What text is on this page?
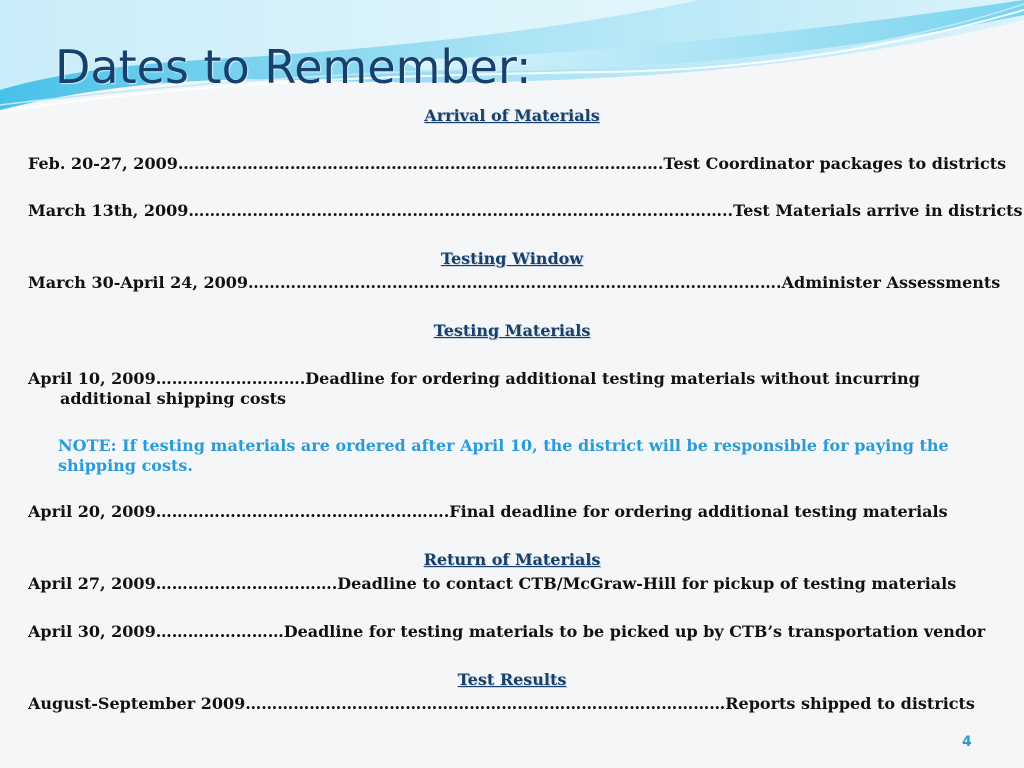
Dates to Remember:
Arrival of Materials
Feb. 20-27, 2009……………………………………………………………………………….Test Coordinator packages to districts
March 13th, 2009…………………………………………………………………………….…………..Test Materials arrive in districts
Testing Window
March 30-April 24, 2009……………………………………………………………………………………….Administer Assessments
Testing Materials
April 10, 2009……………………….Deadline for ordering additional testing materials without incurring
additional shipping costs
NOTE: If testing materials are ordered after April 10, the district will be responsible for paying the shipping costs.
April 20, 2009……………………………………………….Final deadline for ordering additional testing materials
Return of Materials
April 27, 2009…………………………….Deadline to contact CTB/McGraw-Hill for pickup of testing materials
April 30, 2009……………………Deadline for testing materials to be picked up by CTB’s transportation vendor
Test Results
August-September 2009………………………………………………………………………………Reports shipped to districts
4
